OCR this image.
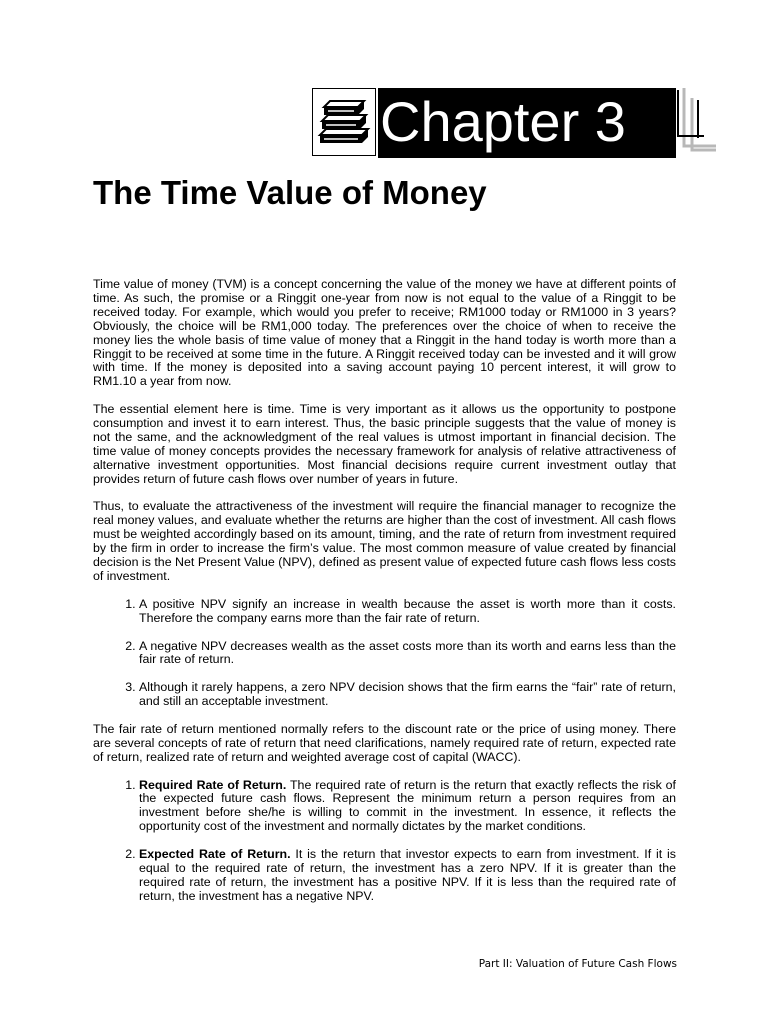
Chapter 3
The Time Value of Money

Time value of money (TVM) is a concept concerning the value of the money we have at different points of time. As such, the promise or a Ringgit one-year from now is not equal to the value of a Ringgit to be received today. For example, which would you prefer to receive; RM1000 today or RM1000 in 3 years? Obviously, the choice will be RM1,000 today. The preferences over the choice of when to receive the money lies the whole basis of time value of money that a Ringgit in the hand today is worth more than a Ringgit to be received at some time in the future. A Ringgit received today can be invested and it will grow with time. If the money is deposited into a saving account paying 10 percent interest, it will grow to RM1.10 a year from now.

The essential element here is time. Time is very important as it allows us the opportunity to postpone consumption and invest it to earn interest. Thus, the basic principle suggests that the value of money is not the same, and the acknowledgment of the real values is utmost important in financial decision. The time value of money concepts provides the necessary framework for analysis of relative attractiveness of alternative investment opportunities. Most financial decisions require current investment outlay that provides return of future cash flows over number of years in future.

Thus, to evaluate the attractiveness of the investment will require the financial manager to recognize the real money values, and evaluate whether the returns are higher than the cost of investment. All cash flows must be weighted accordingly based on its amount, timing, and the rate of return from investment required by the firm in order to increase the firm’s value. The most common measure of value created by financial decision is the Net Present Value (NPV), defined as present value of expected future cash flows less costs of investment.

1. A positive NPV signify an increase in wealth because the asset is worth more than it costs. Therefore the company earns more than the fair rate of return.
2. A negative NPV decreases wealth as the asset costs more than its worth and earns less than the fair rate of return.
3. Although it rarely happens, a zero NPV decision shows that the firm earns the “fair” rate of return, and still an acceptable investment.

The fair rate of return mentioned normally refers to the discount rate or the price of using money. There are several concepts of rate of return that need clarifications, namely required rate of return, expected rate of return, realized rate of return and weighted average cost of capital (WACC).

1. Required Rate of Return. The required rate of return is the return that exactly reflects the risk of the expected future cash flows. Represent the minimum return a person requires from an investment before she/he is willing to commit in the investment. In essence, it reflects the opportunity cost of the investment and normally dictates by the market conditions.
2. Expected Rate of Return. It is the return that investor expects to earn from investment. If it is equal to the required rate of return, the investment has a zero NPV. If it is greater than the required rate of return, the investment has a positive NPV. If it is less than the required rate of return, the investment has a negative NPV.
Part II: Valuation of Future Cash Flows
